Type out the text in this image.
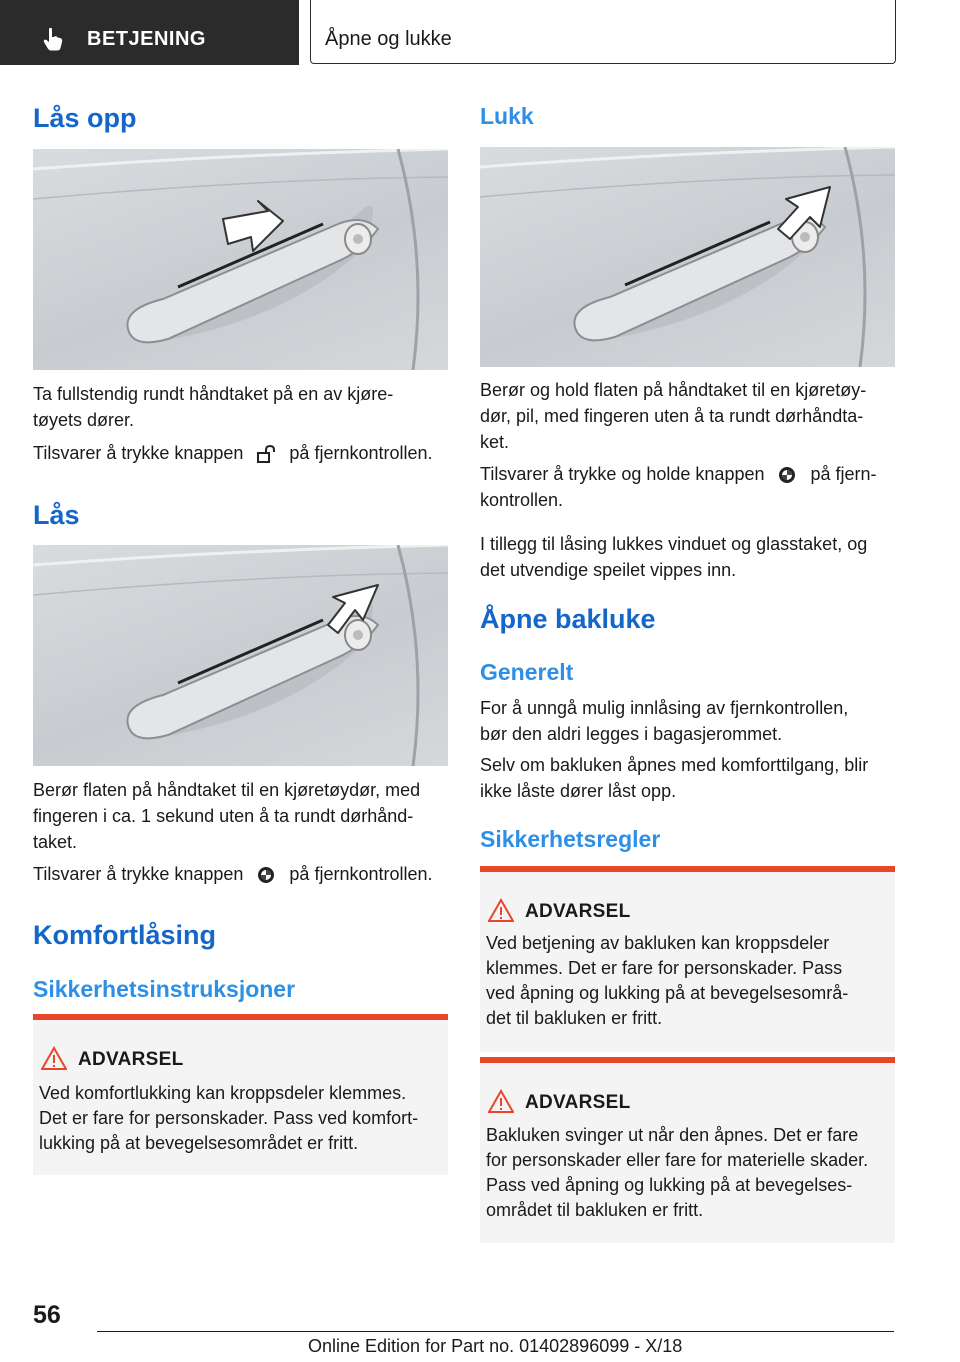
BETJENING	Åpne og lukke
Lås opp
Ta fullstendig rundt håndtaket på en av kjøre-
tøyets dører.
Tilsvarer å trykke knappen	på fjernkontrollen.
Lås
Berør flaten på håndtaket til en kjøretøydør, med
fingeren i ca. 1 sekund uten å ta rundt dørhånd-
taket.
Tilsvarer å trykke knappen	på fjernkontrollen.
Komfortlåsing
Sikkerhetsinstruksjoner
ADVARSEL
Ved komfortlukking kan kroppsdeler klemmes.
Det er fare for personskader. Pass ved komfort-
lukking på at bevegelsesområdet er fritt.
Lukk
Berør og hold flaten på håndtaket til en kjøretøy-
dør, pil, med fingeren uten å ta rundt dørhåndta-
ket.
Tilsvarer å trykke og holde knappen	på fjern-
kontrollen.
I tillegg til låsing lukkes vinduet og glasstaket, og
det utvendige speilet vippes inn.
Åpne bakluke
Generelt
For å unngå mulig innlåsing av fjernkontrollen,
bør den aldri legges i bagasjerommet.
Selv om bakluken åpnes med komforttilgang, blir
ikke låste dører låst opp.
Sikkerhetsregler
ADVARSEL
Ved betjening av bakluken kan kroppsdeler
klemmes. Det er fare for personskader. Pass
ved åpning og lukking på at bevegelsesområ-
det til bakluken er fritt.
ADVARSEL
Bakluken svinger ut når den åpnes. Det er fare
for personskader eller fare for materielle skader.
Pass ved åpning og lukking på at bevegelses-
området til bakluken er fritt.
56
Online Edition for Part no. 01402896099 - X/18
